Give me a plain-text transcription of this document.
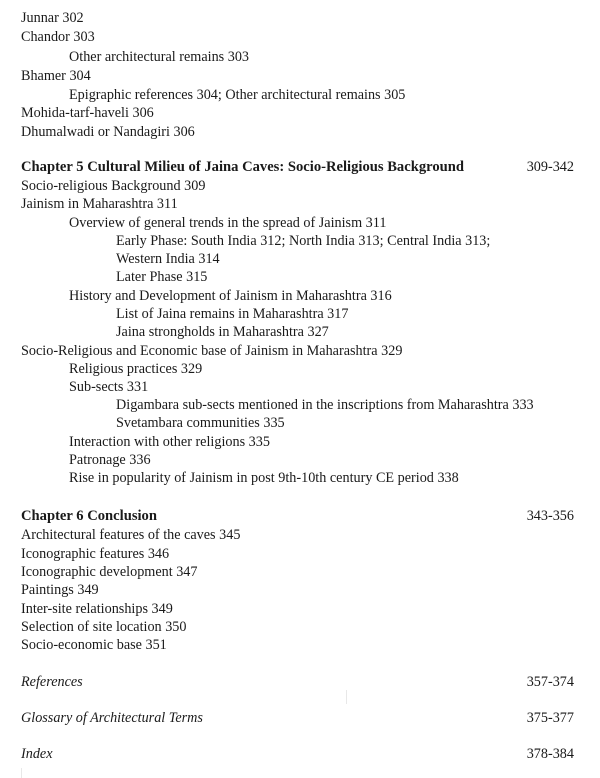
Junnar 302
Chandor 303
Other architectural remains 303
Bhamer 304
Epigraphic references 304; Other architectural remains 305
Mohida-tarf-haveli 306
Dhumalwadi or Nandagiri 306
Chapter 5 Cultural Milieu of Jaina Caves: Socio-Religious Background	309-342
Socio-religious Background 309
Jainism in Maharashtra 311
Overview of general trends in the spread of Jainism 311
Early Phase: South India 312; North India 313; Central India 313;
Western India 314
Later Phase 315
History and Development of Jainism in Maharashtra 316
List of Jaina remains in Maharashtra 317
Jaina strongholds in Maharashtra 327
Socio-Religious and Economic base of Jainism in Maharashtra 329
Religious practices 329
Sub-sects 331
Digambara sub-sects mentioned in the inscriptions from Maharashtra 333
Svetambara communities 335
Interaction with other religions 335
Patronage 336
Rise in popularity of Jainism in post 9th-10th century CE period 338
Chapter 6 Conclusion	343-356
Architectural features of the caves 345
Iconographic features 346
Iconographic development 347
Paintings 349
Inter-site relationships 349
Selection of site location 350
Socio-economic base 351
References	357-374
Glossary of Architectural Terms	375-377
Index	378-384
